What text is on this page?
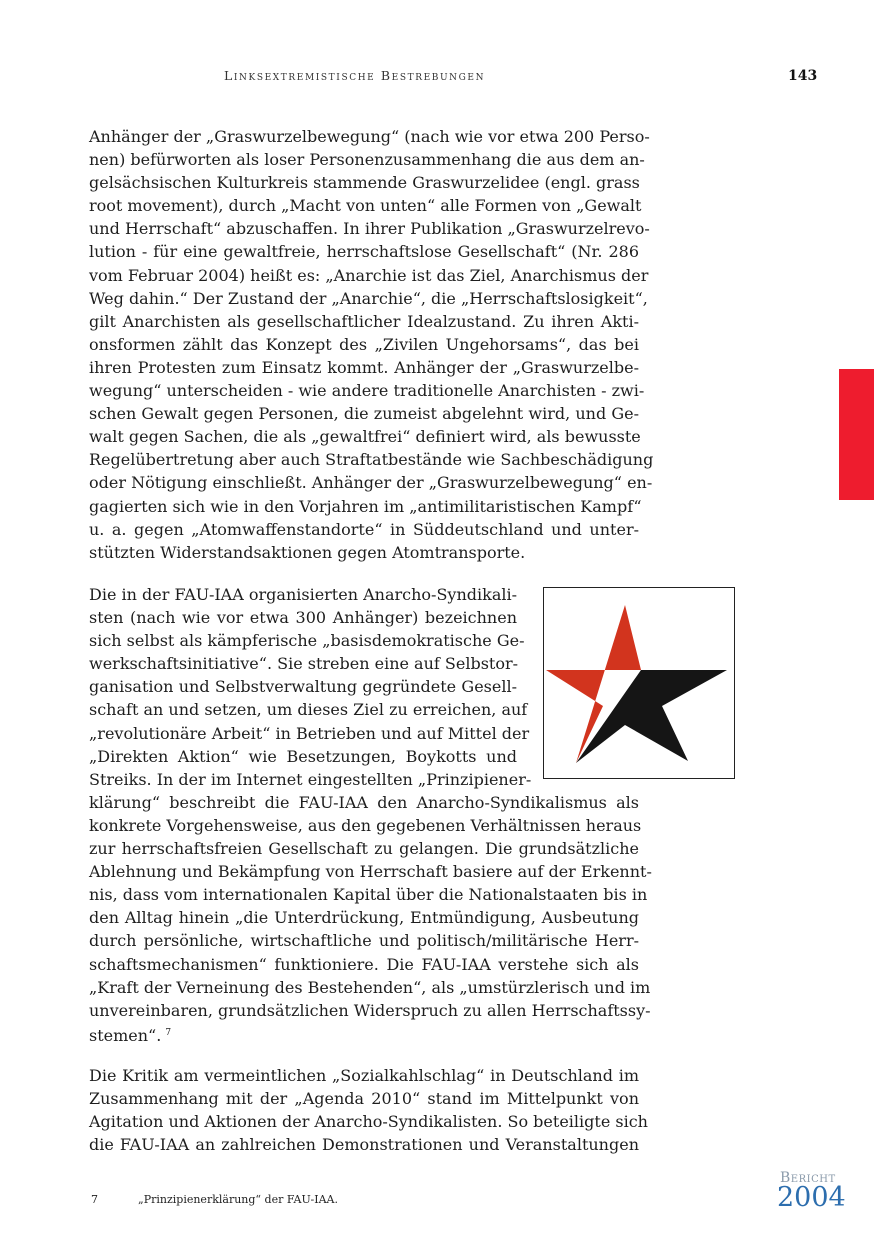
Linksextremistische Bestrebungen	143
Anhänger der „Graswurzelbewegung“ (nach wie vor etwa 200 Perso-
nen) befürworten als loser Personenzusammenhang die aus dem an-
gelsächsischen Kulturkreis stammende Graswurzelidee (engl. grass
root movement), durch „Macht von unten“ alle Formen von „Gewalt
und Herrschaft“ abzuschaffen. In ihrer Publikation „Graswurzelrevo-
lution - für eine gewaltfreie, herrschaftslose Gesellschaft“ (Nr. 286
vom Februar 2004) heißt es: „Anarchie ist das Ziel, Anarchismus der
Weg dahin.“ Der Zustand der „Anarchie“, die „Herrschaftslosigkeit“,
gilt Anarchisten als gesellschaftlicher Idealzustand. Zu ihren Akti-
onsformen zählt das Konzept des „Zivilen Ungehorsams“, das bei
ihren Protesten zum Einsatz kommt. Anhänger der „Graswurzelbe-
wegung“ unterscheiden - wie andere traditionelle Anarchisten - zwi-
schen Gewalt gegen Personen, die zumeist abgelehnt wird, und Ge-
walt gegen Sachen, die als „gewaltfrei“ definiert wird, als bewusste
Regelübertretung aber auch Straftatbestände wie Sachbeschädigung
oder Nötigung einschließt. Anhänger der „Graswurzelbewegung“ en-
gagierten sich wie in den Vorjahren im „antimilitaristischen Kampf“
u. a. gegen „Atomwaffenstandorte“ in Süddeutschland und unter-
stützten Widerstandsaktionen gegen Atomtransporte.
Die in der FAU-IAA organisierten Anarcho-Syndikali-
sten (nach wie vor etwa 300 Anhänger) bezeichnen
sich selbst als kämpferische „basisdemokratische Ge-
werkschaftsinitiative“. Sie streben eine auf Selbstor-
ganisation und Selbstverwaltung gegründete Gesell-
schaft an und setzen, um dieses Ziel zu erreichen, auf
„revolutionäre Arbeit“ in Betrieben und auf Mittel der
„Direkten Aktion“ wie Besetzungen, Boykotts und
Streiks. In der im Internet eingestellten „Prinzipiener-
klärung“ beschreibt die FAU-IAA den Anarcho-Syndikalismus als
konkrete Vorgehensweise, aus den gegebenen Verhältnissen heraus
zur herrschaftsfreien Gesellschaft zu gelangen. Die grundsätzliche
Ablehnung und Bekämpfung von Herrschaft basiere auf der Erkennt-
nis, dass vom internationalen Kapital über die Nationalstaaten bis in
den Alltag hinein „die Unterdrückung, Entmündigung, Ausbeutung
durch persönliche, wirtschaftliche und politisch/militärische Herr-
schaftsmechanismen“ funktioniere. Die FAU-IAA verstehe sich als
„Kraft der Verneinung des Bestehenden“, als „umstürzlerisch und im
unvereinbaren, grundsätzlichen Widerspruch zu allen Herrschaftssy-
stemen“. $^7$
Die Kritik am vermeintlichen „Sozialkahlschlag“ in Deutschland im
Zusammenhang mit der „Agenda 2010“ stand im Mittelpunkt von
Agitation und Aktionen der Anarcho-Syndikalisten. So beteiligte sich
die FAU-IAA an zahlreichen Demonstrationen und Veranstaltungen
7	„Prinzipienerklärung“ der FAU-IAA.
Bericht
2004
